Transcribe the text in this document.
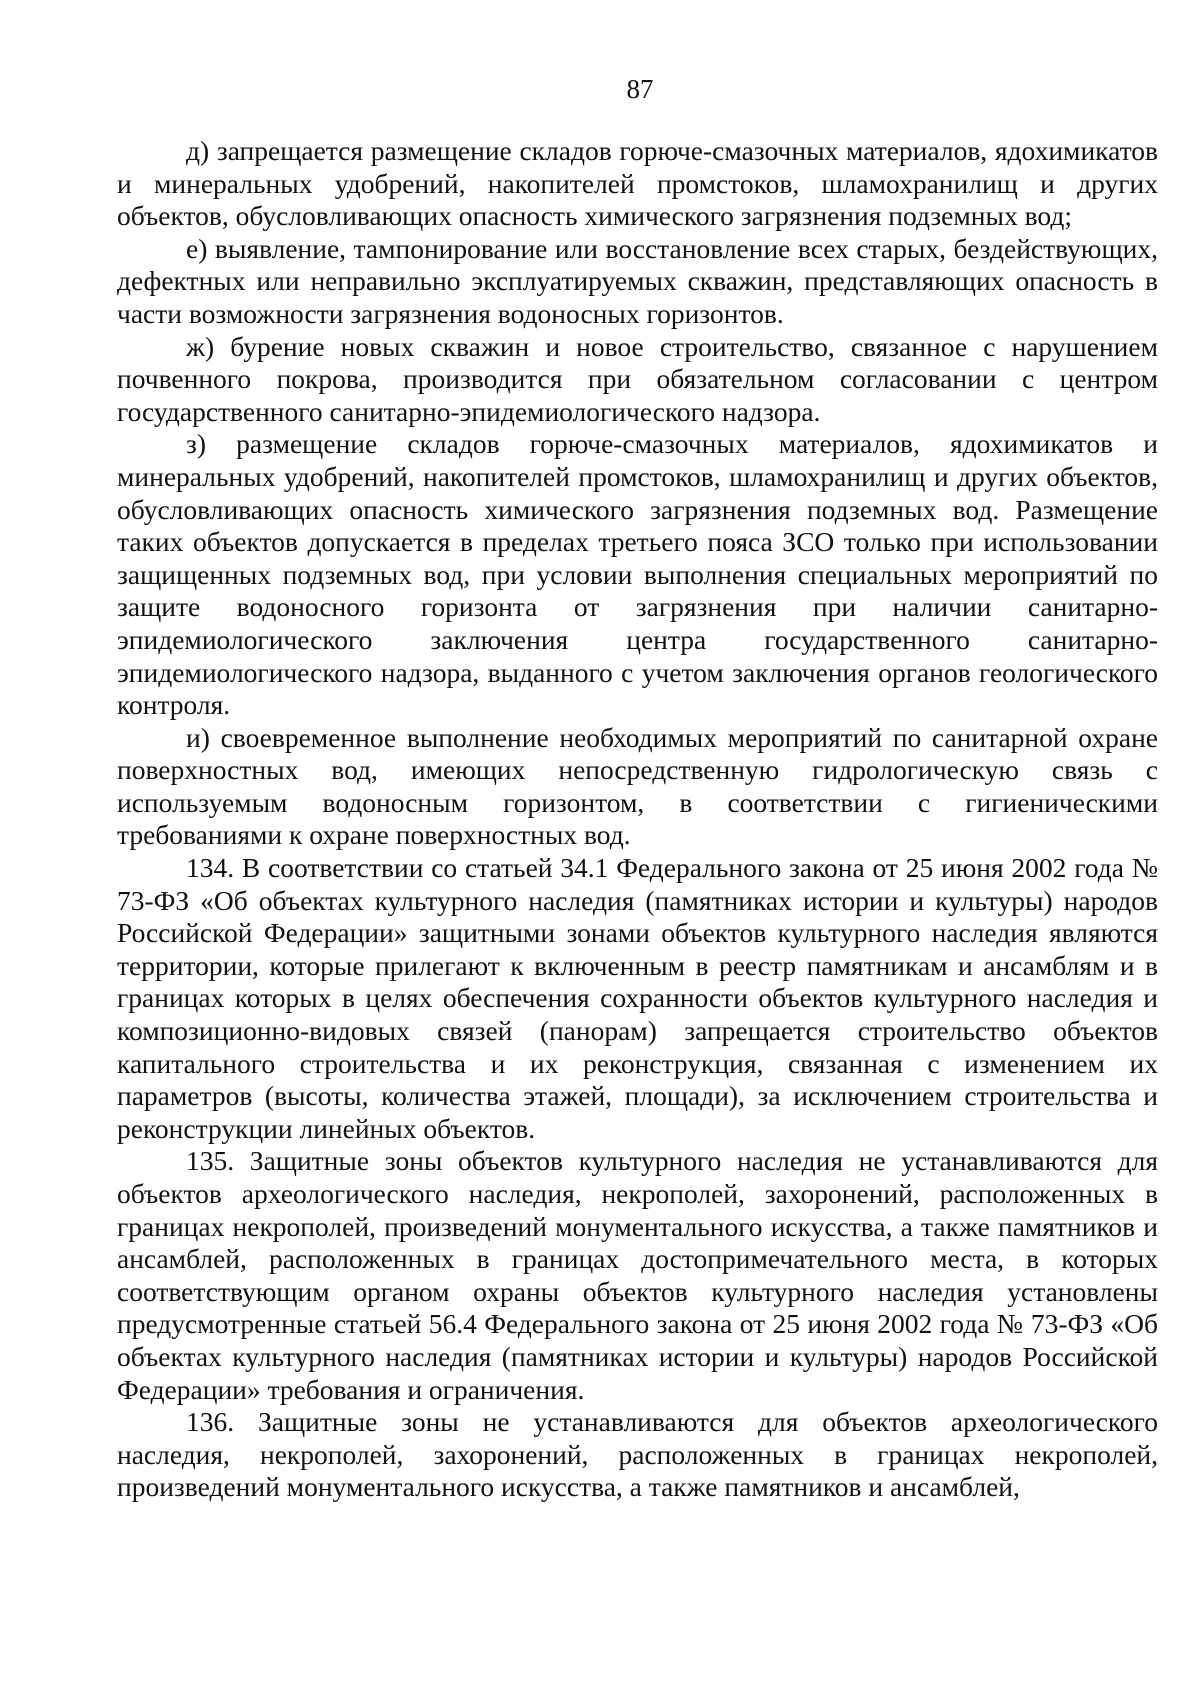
87

д) запрещается размещение складов горюче-смазочных материалов, ядохимикатов и минеральных удобрений, накопителей промстоков, шламохранилищ и других объектов, обусловливающих опасность химического загрязнения подземных вод;

е) выявление, тампонирование или восстановление всех старых, бездействующих, дефектных или неправильно эксплуатируемых скважин, представляющих опасность в части возможности загрязнения водоносных горизонтов.

ж) бурение новых скважин и новое строительство, связанное с нарушением почвенного покрова, производится при обязательном согласовании с центром государственного санитарно-эпидемиологического надзора.

з) размещение складов горюче-смазочных материалов, ядохимикатов и минеральных удобрений, накопителей промстоков, шламохранилищ и других объектов, обусловливающих опасность химического загрязнения подземных вод. Размещение таких объектов допускается в пределах третьего пояса ЗСО только при использовании защищенных подземных вод, при условии выполнения специальных мероприятий по защите водоносного горизонта от загрязнения при наличии санитарно-эпидемиологического заключения центра государственного санитарно-эпидемиологического надзора, выданного с учетом заключения органов геологического контроля.

и) своевременное выполнение необходимых мероприятий по санитарной охране поверхностных вод, имеющих непосредственную гидрологическую связь с используемым водоносным горизонтом, в соответствии с гигиеническими требованиями к охране поверхностных вод.

134. В соответствии со статьей 34.1 Федерального закона от 25 июня 2002 года № 73-ФЗ «Об объектах культурного наследия (памятниках истории и культуры) народов Российской Федерации» защитными зонами объектов культурного наследия являются территории, которые прилегают к включенным в реестр памятникам и ансамблям и в границах которых в целях обеспечения сохранности объектов культурного наследия и композиционно-видовых связей (панорам) запрещается строительство объектов капитального строительства и их реконструкция, связанная с изменением их параметров (высоты, количества этажей, площади), за исключением строительства и реконструкции линейных объектов.

135. Защитные зоны объектов культурного наследия не устанавливаются для объектов археологического наследия, некрополей, захоронений, расположенных в границах некрополей, произведений монументального искусства, а также памятников и ансамблей, расположенных в границах достопримечательного места, в которых соответствующим органом охраны объектов культурного наследия установлены предусмотренные статьей 56.4 Федерального закона от 25 июня 2002 года № 73-ФЗ «Об объектах культурного наследия (памятниках истории и культуры) народов Российской Федерации» требования и ограничения.

136. Защитные зоны не устанавливаются для объектов археологического наследия, некрополей, захоронений, расположенных в границах некрополей, произведений монументального искусства, а также памятников и ансамблей,
